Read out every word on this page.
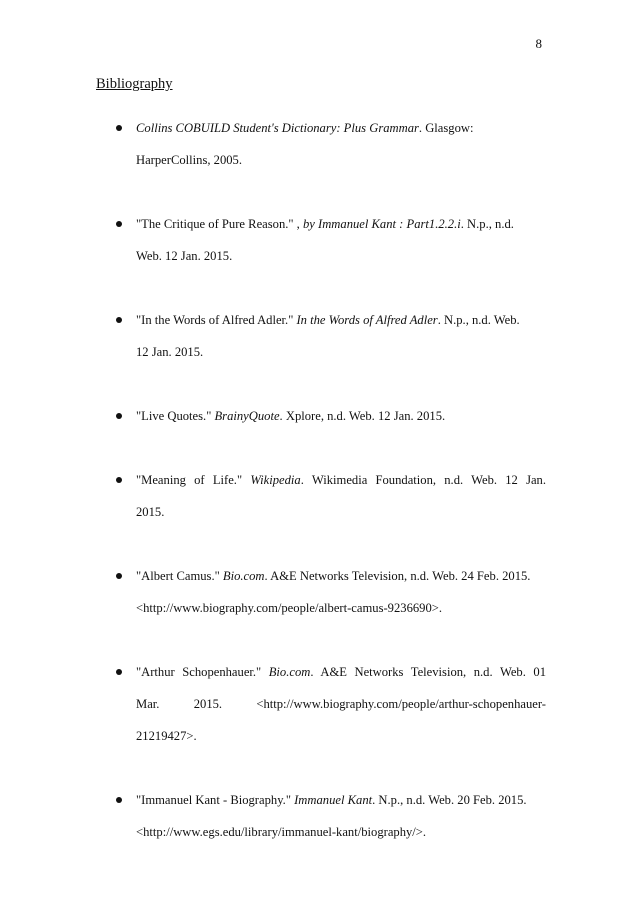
8
Bibliography
Collins COBUILD Student's Dictionary: Plus Grammar. Glasgow:
HarperCollins, 2005.
"The Critique of Pure Reason." , by Immanuel Kant : Part1.2.2.i. N.p., n.d.
Web. 12 Jan. 2015.
"In the Words of Alfred Adler." In the Words of Alfred Adler. N.p., n.d. Web.
12 Jan. 2015.
"Live Quotes." BrainyQuote. Xplore, n.d. Web. 12 Jan. 2015.
"Meaning of Life." Wikipedia. Wikimedia Foundation, n.d. Web. 12 Jan.
2015.
"Albert Camus." Bio.com. A&E Networks Television, n.d. Web. 24 Feb. 2015.
<http://www.biography.com/people/albert-camus-9236690>.
"Arthur Schopenhauer." Bio.com. A&E Networks Television, n.d. Web. 01
Mar. 2015. <http://www.biography.com/people/arthur-schopenhauer-
21219427>.
"Immanuel Kant - Biography." Immanuel Kant. N.p., n.d. Web. 20 Feb. 2015.
<http://www.egs.edu/library/immanuel-kant/biography/>.
